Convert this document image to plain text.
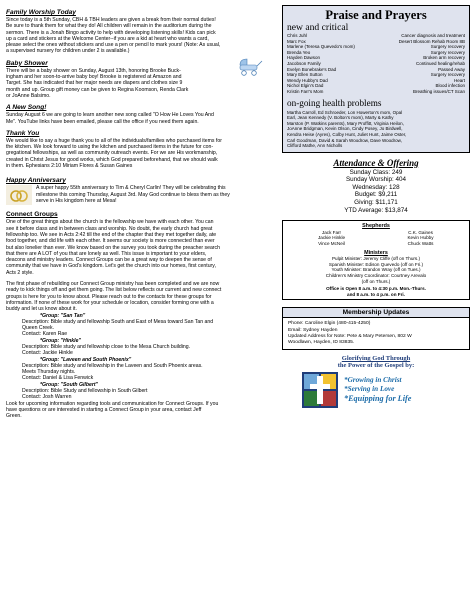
Family Worship Today

Since today is a 5th Sunday, CBH & TBH leaders are given a break from their normal duties!

Be sure to thank them for what they do! All children will remain in the auditorium during the

sermon. There is a Jonah Bingo activity to help with developing listening skills! Kids can pick

up a card and stickers at the Welcome Center--if you are a kid at heart who wants a card,

please select the ones without stickers and use a pen or pencil to mark yours! (Note: As usual,

a supervised nursery for children under 2 is available.)

Baby Shower

There will be a baby shower on Sunday, August 13th, honoring Brooke Buck-

ingham and her soon-to-arrive baby boy! Brooke is registered at Amazon and

Target. She has indicated that her major needs are diapers and clothes size 9

month and up. Group gift money can be given to Regina Koomson, Renda Clark

or JoAnne Balsimo.

A New Song!

Sunday August 6 we are going to learn another new song called "O How He Loves You And

Me". YouTube links have been emailed, please call the office if you need them again.

Thank You

We would like to say a huge thank you to all of the individuals/families who purchased items for

the kitchen. We look forward to using the kitchen and purchased items in the future for con-

gregational fellowships, as well as community outreach events. For we are His workmanship,

created in Christ Jesus for good works, which God prepared beforehand, that we should walk

in them. Ephesians 2:10 Miriam Flores & Susan Gaines

Happy Anniversary

A super happy 55th anniversary to Tim & Cheryl Carlin! They will be celebrating this

milestone this coming Thursday, August 3rd. May God continue to bless them as they

serve in His kingdom here at Mesa!

Connect Groups

One of the great things about the church is the fellowship we have with each other. You can

see it before class and in between class and worship. No doubt, the early church had great

fellowship too. We see in Acts 2:42 till the end of the chapter that they met together daily, ate

food together, and did life with each other. It seems our society is more connected than ever

but also lonelier than ever. We know based on the survey you took during the preacher search

that there are A LOT of you that are lonely as well. This issue is important to your elders,

deacons and ministry leaders. Connect Groups can be a great way to deepen the sense of

community that we have in God's kingdom. Let's get the church into our homes, first century,

Acts 2 style.

The first phase of rebuilding our Connect Group ministry has been completed and we are now

ready to kick things off and get them going. The list below reflects our current and new connect

groups is here for you to know about. Please reach out to the contacts for these groups for

information. If none of these work for your schedule or location, consider forming one with a

buddy and let us know about it.

*Group: "San Tan"

Description: Bible study and fellowship South and East of Mesa toward San Tan and

Queen Creek.

Contact: Karen Rae

*Group: "Hinkle"

Description: Bible study and fellowship close to the Mesa Church building.

Contact: Jackie Hinkle

*Group: "Laveen and South Phoenix"

Description: Bible study and fellowship in the Laveen and South Phoenix areas.

Meets Thursday nights.

Contact: Daniel & Lisa Fenwick

*Group: "South Gilbert"

Description: Bible Study and fellowship in South Gilbert

Contact: Josh Warren

Look for upcoming information regarding tools and communication for Connect Groups. If you

have questions or are interested in starting a Connect Group in your area, contact Jeff

Green.

Praise and Prayers
new and critical
Chris Juhl	Cancer diagnosis and treatment
Marc Fox	Desert Blossom Rehab Room 8B
Marlene (Teresa Quevedo's mom)	Surgery recovery
Brenda Yeo	Surgery recovery
Hayden Dawson	Broken arm recovery
Jacobson Family	Continued healing/rehab
Evelyn Bonebrake's Dad	Passed Away
Mary Ellen Sutton	Surgery recovery
Wendy Hubby's Dad	Heart
Nichol Elgin's Dad	Blood infection
Kristin Farr's Mom	Breathing issues/CT Scan
on-going health problems
Martha Carroll, Ed Schroeder, Lon Howerton's mom, Opal
Earl, Jean Kennedy (V. Bolton's mom), Marty & Kathy
Marston (P. Watkins parents), Mary Proffitt, Virginia Heilon,
JoAnne Bridgman, Kevin Olson, Cindy Posey, Jo Birdwell,
Kendra Heise (Ayres), Colby Hunt, Juliet Hunt, Jaime Oster,
Carl Goodman, David & Sarah Woodrow, Dave Woodrow,
Clifford Mathe, Ann Nicholls
Attendance & Offering
Sunday Class: 249
Sunday Worship: 404
Wednesday: 128
Budget: $9,211
Giving: $11,171
YTD Average: $13,874
Shepherds
Jack Farr	C.K. Gaines
Jackie Hinkle	Kevin Hubby
Vince McNeil	Chuck Watts
Ministers
Pulpit Minister: Jeremy Cliffe (off on Thurs.)
Spanish Minister: Edison Quevedo (off on Fri.)
Youth Minister: Brandon Wray (off on Tues.)
Children's Ministry Coordinator: Courtney Arevalo
(off on Thurs.)
Office is Open 8 a.m. to 4:30 p.m. Mon.-Thurs.
and 8 a.m. to 4 p.m. on Fri.
Membership Updates
Phone: Caroline Elgin (480-415-4250)
Email: Sydney Hayden
Updated Address for Note: Pete & Mary Petersen, 802 W
Woodlawn, Hayden, ID 83835.
Glorifying God Through
the Power of the Gospel by:
*Growing in Christ
*Serving in Love
*Equipping for Life
